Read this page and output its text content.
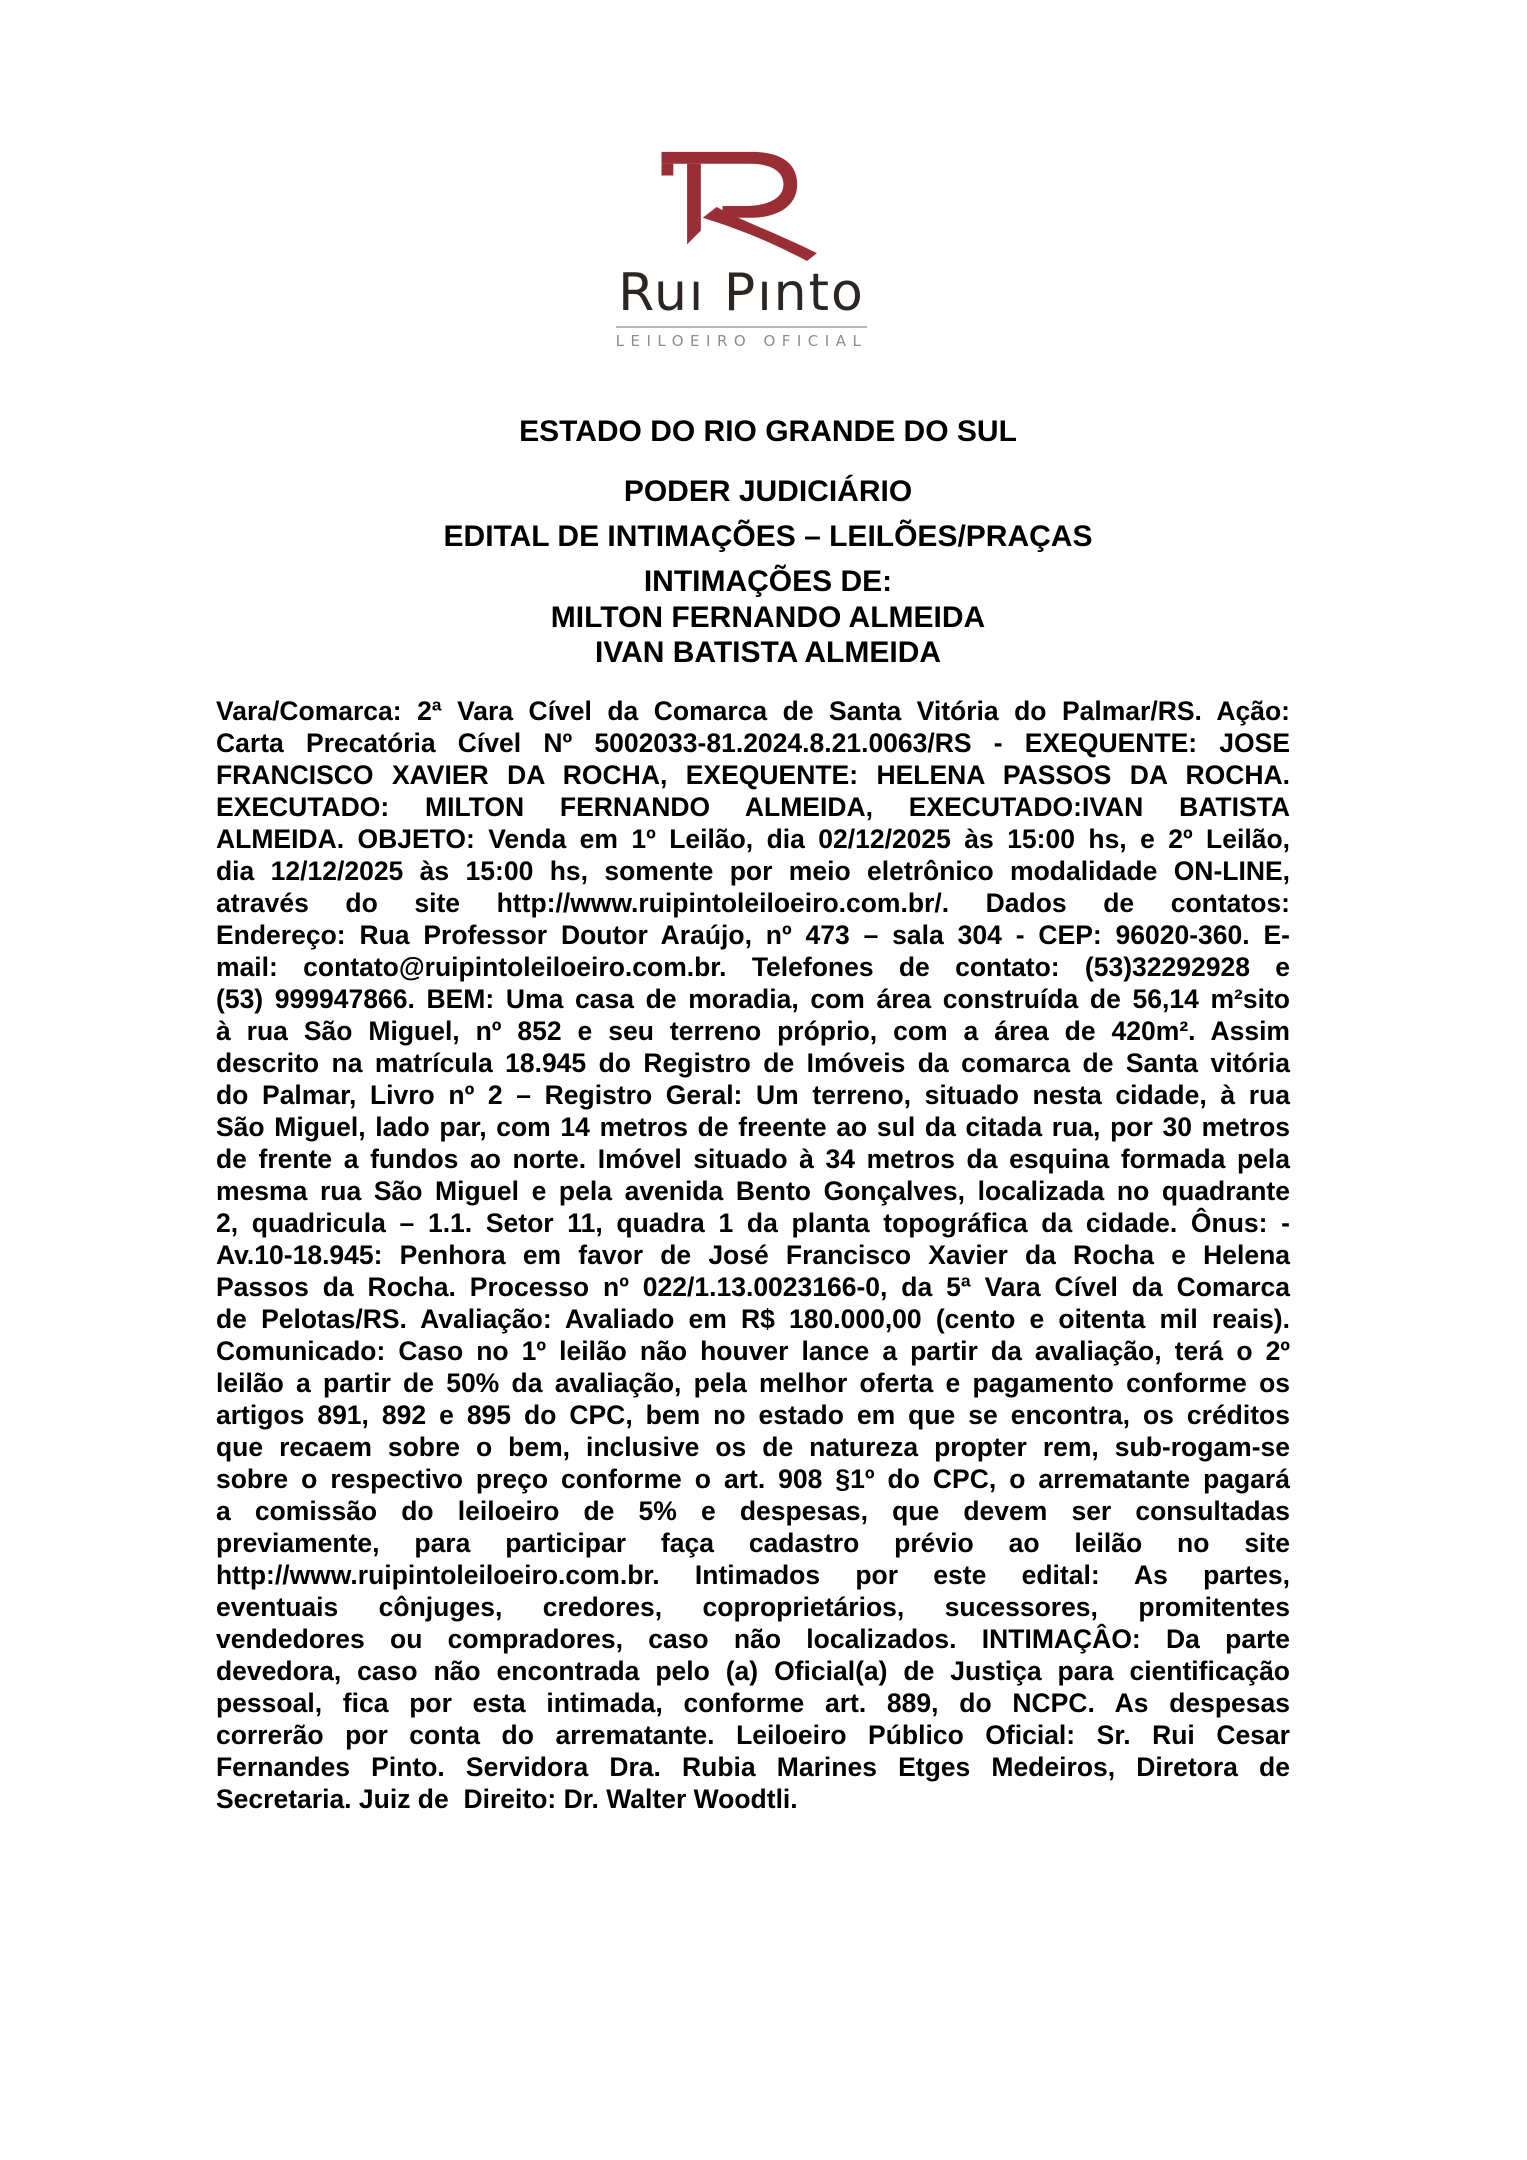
Ruı Pınto
LEILOEIRO OFICIAL
ESTADO DO RIO GRANDE DO SUL
PODER JUDICIÁRIO
EDITAL DE INTIMAÇÕES – LEILÕES/PRAÇAS
INTIMAÇÕES DE:
MILTON FERNANDO ALMEIDA
IVAN BATISTA ALMEIDA
Vara/Comarca: 2ª Vara Cível da Comarca de Santa Vitória do Palmar/RS. Ação:
Carta Precatória Cível Nº 5002033-81.2024.8.21.0063/RS - EXEQUENTE: JOSE
FRANCISCO XAVIER DA ROCHA, EXEQUENTE: HELENA PASSOS DA ROCHA.
EXECUTADO: MILTON FERNANDO ALMEIDA, EXECUTADO:IVAN BATISTA
ALMEIDA. OBJETO: Venda em 1º Leilão, dia 02/12/2025 às 15:00 hs, e 2º Leilão,
dia 12/12/2025 às 15:00 hs, somente por meio eletrônico modalidade ON-LINE,
através do site http://www.ruipintoleiloeiro.com.br/. Dados de contatos:
Endereço: Rua Professor Doutor Araújo, nº 473 – sala 304 - CEP: 96020-360. E-
mail: contato@ruipintoleiloeiro.com.br. Telefones de contato: (53)32292928 e
(53) 999947866. BEM: Uma casa de moradia, com área construída de 56,14 m²sito
à rua São Miguel, nº 852 e seu terreno próprio, com a área de 420m². Assim
descrito na matrícula 18.945 do Registro de Imóveis da comarca de Santa vitória
do Palmar, Livro nº 2 – Registro Geral: Um terreno, situado nesta cidade, à rua
São Miguel, lado par, com 14 metros de freente ao sul da citada rua, por 30 metros
de frente a fundos ao norte. Imóvel situado à 34 metros da esquina formada pela
mesma rua São Miguel e pela avenida Bento Gonçalves, localizada no quadrante
2, quadricula – 1.1. Setor 11, quadra 1 da planta topográfica da cidade. Ônus: -
Av.10-18.945: Penhora em favor de José Francisco Xavier da Rocha e Helena
Passos da Rocha. Processo nº 022/1.13.0023166-0, da 5ª Vara Cível da Comarca
de Pelotas/RS. Avaliação: Avaliado em R$ 180.000,00 (cento e oitenta mil reais).
Comunicado: Caso no 1º leilão não houver lance a partir da avaliação, terá o 2º
leilão a partir de 50% da avaliação, pela melhor oferta e pagamento conforme os
artigos 891, 892 e 895 do CPC, bem no estado em que se encontra, os créditos
que recaem sobre o bem, inclusive os de natureza propter rem, sub-rogam-se
sobre o respectivo preço conforme o art. 908 §1º do CPC, o arrematante pagará
a comissão do leiloeiro de 5% e despesas, que devem ser consultadas
previamente, para participar faça cadastro prévio ao leilão no site
http://www.ruipintoleiloeiro.com.br. Intimados por este edital: As partes,
eventuais cônjuges, credores, coproprietários, sucessores, promitentes
vendedores ou compradores, caso não localizados. INTIMAÇÂO: Da parte
devedora, caso não encontrada pelo (a) Oficial(a) de Justiça para cientificação
pessoal, fica por esta intimada, conforme art. 889, do NCPC. As despesas
correrão por conta do arrematante. Leiloeiro Público Oficial: Sr. Rui Cesar
Fernandes Pinto. Servidora Dra. Rubia Marines Etges Medeiros, Diretora de
Secretaria. Juiz de  Direito: Dr. Walter Woodtli.
